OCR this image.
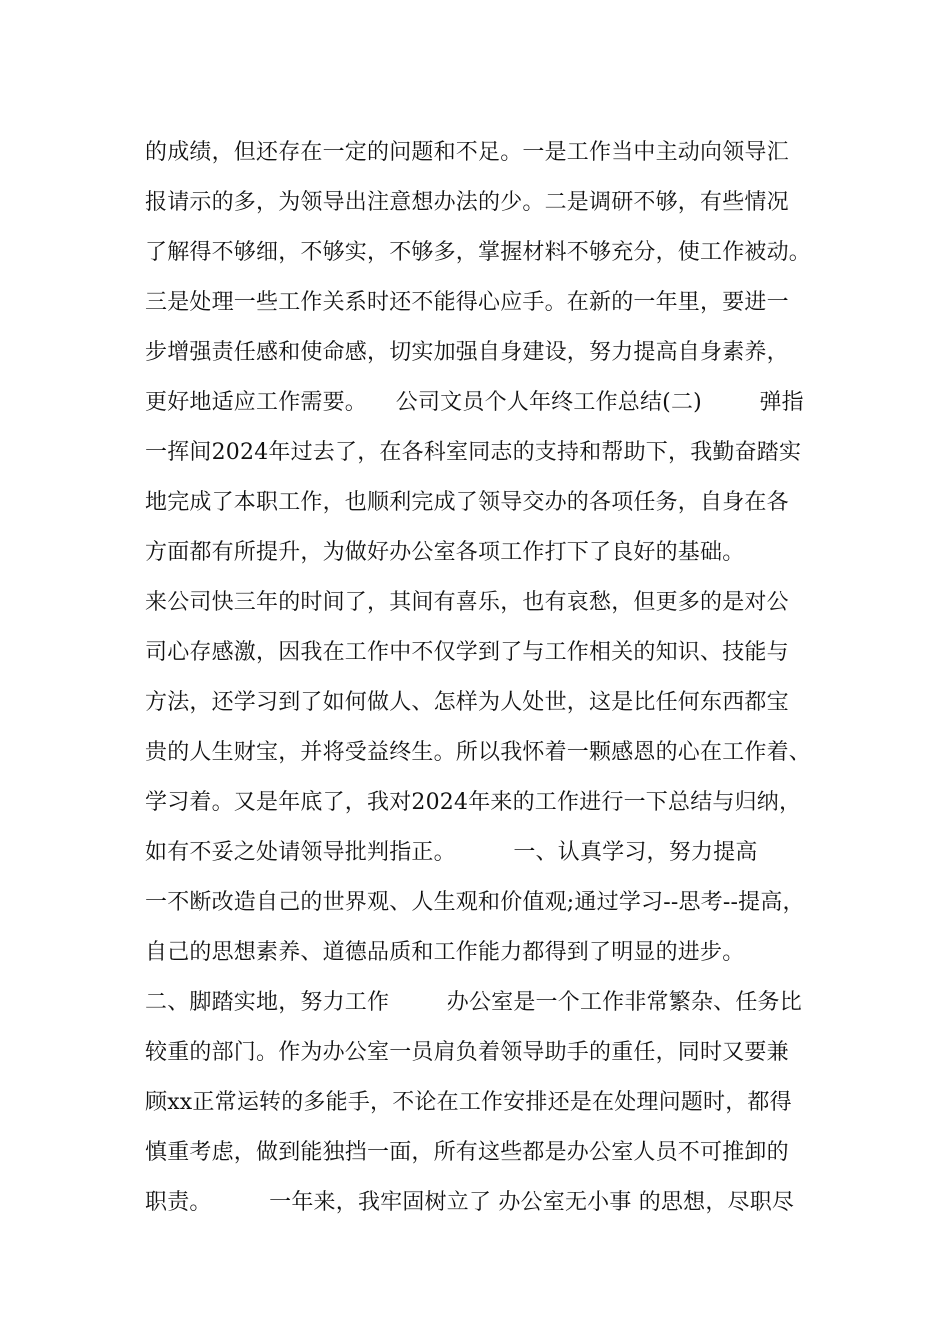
的成绩，但还存在一定的问题和不足。一是工作当中主动向领导汇
报请示的多，为领导出注意想办法的少。二是调研不够，有些情况
了解得不够细，不够实，不够多，掌握材料不够充分，使工作被动。
三是处理一些工作关系时还不能得心应手。在新的一年里，要进一
步增强责任感和使命感，切实加强自身建设，努力提高自身素养，
更好地适应工作需要。    公司文员个人年终工作总结(二)        弹指
一挥间2024年过去了，在各科室同志的支持和帮助下，我勤奋踏实
地完成了本职工作，也顺利完成了领导交办的各项任务，自身在各
方面都有所提升，为做好办公室各项工作打下了良好的基础。
来公司快三年的时间了，其间有喜乐，也有哀愁，但更多的是对公
司心存感激，因我在工作中不仅学到了与工作相关的知识、技能与
方法，还学习到了如何做人、怎样为人处世，这是比任何东西都宝
贵的人生财宝，并将受益终生。所以我怀着一颗感恩的心在工作着、
学习着。又是年底了，我对2024年来的工作进行一下总结与归纳，
如有不妥之处请领导批判指正。        一、认真学习，努力提高
一不断改造自己的世界观、人生观和价值观;通过学习--思考--提高，
自己的思想素养、道德品质和工作能力都得到了明显的进步。
二、脚踏实地，努力工作        办公室是一个工作非常繁杂、任务比
较重的部门。作为办公室一员肩负着领导助手的重任，同时又要兼
顾xx正常运转的多能手，不论在工作安排还是在处理问题时，都得
慎重考虑，做到能独挡一面，所有这些都是办公室人员不可推卸的
职责。        一年来，我牢固树立了 办公室无小事 的思想，尽职尽
